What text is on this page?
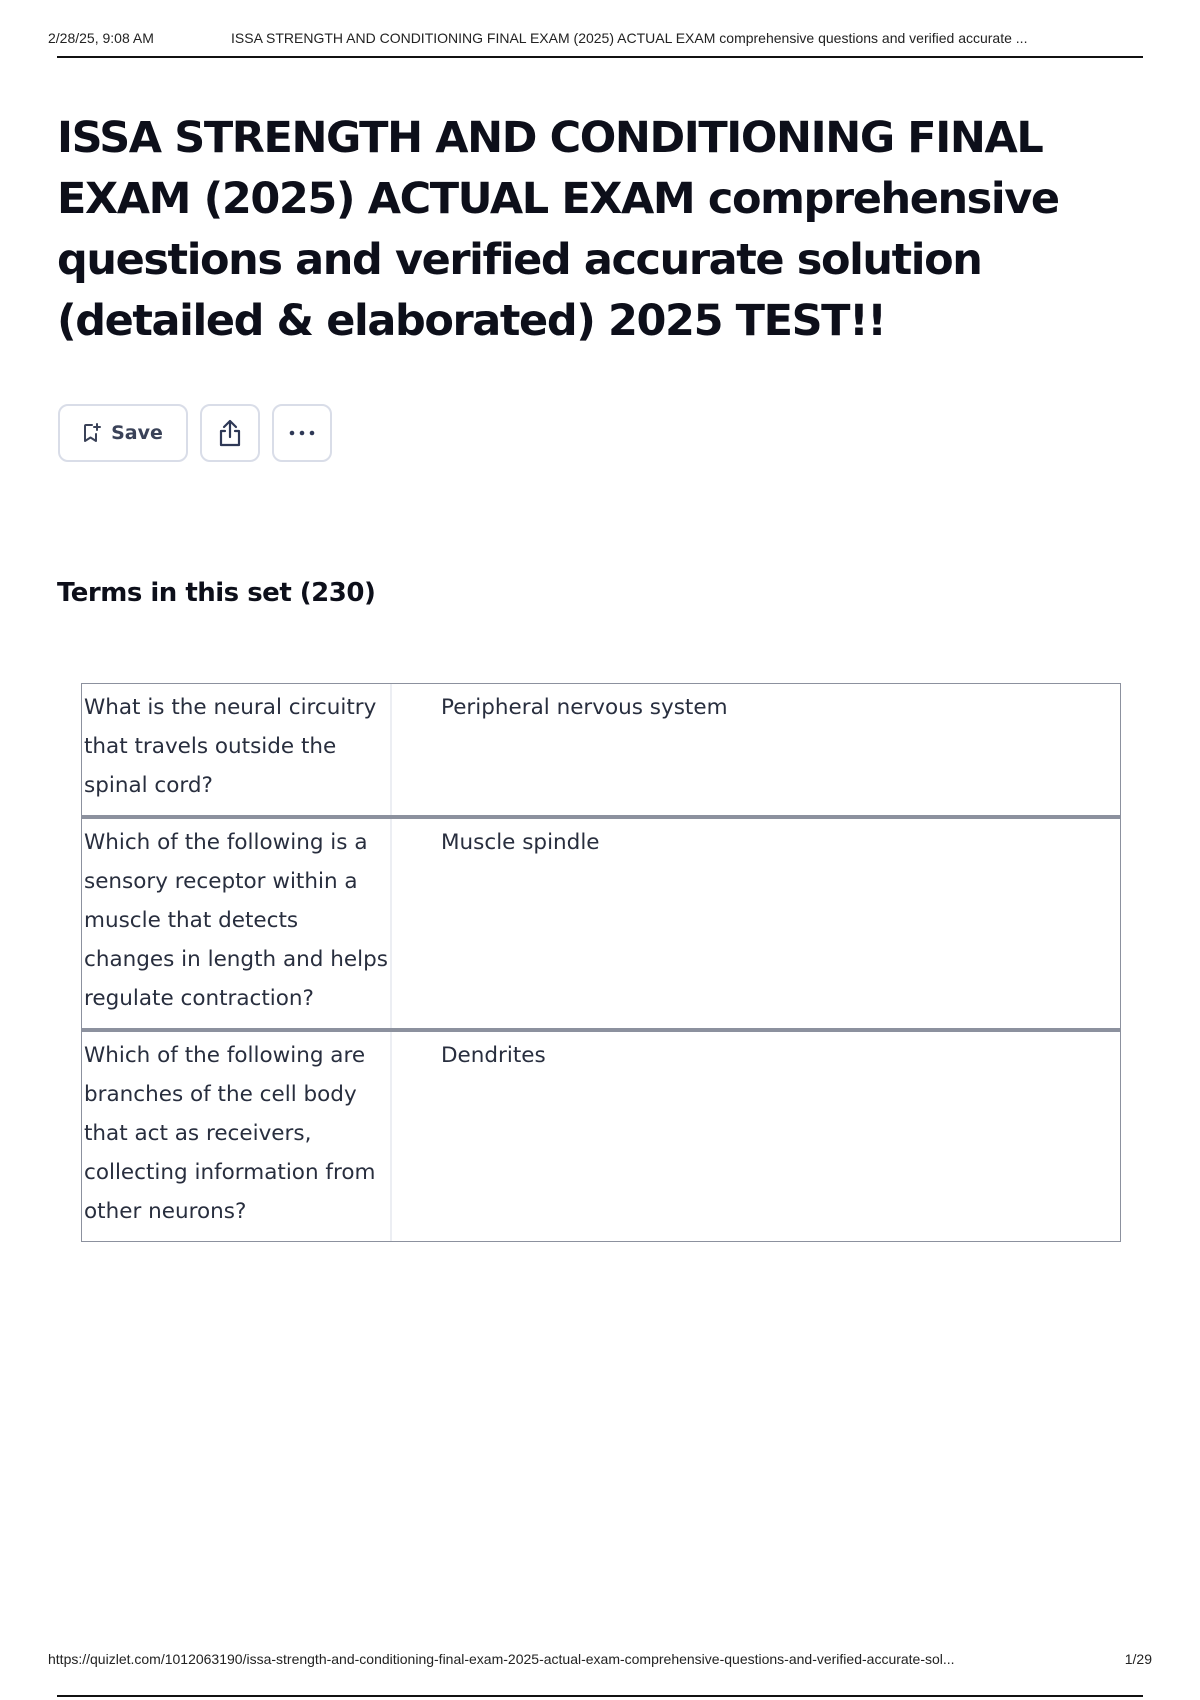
2/28/25, 9:08 AM	ISSA STRENGTH AND CONDITIONING FINAL EXAM (2025) ACTUAL EXAM comprehensive questions and verified accurate ...
ISSA STRENGTH AND CONDITIONING FINAL EXAM (2025) ACTUAL EXAM comprehensive questions and verified accurate solution (detailed & elaborated) 2025 TEST!!
Save
Terms in this set (230)
What is the neural circuitry that travels outside the spinal cord?
Peripheral nervous system
Which of the following is a sensory receptor within a muscle that detects changes in length and helps regulate contraction?
Muscle spindle
Which of the following are branches of the cell body that act as receivers, collecting information from other neurons?
Dendrites
https://quizlet.com/1012063190/issa-strength-and-conditioning-final-exam-2025-actual-exam-comprehensive-questions-and-verified-accurate-sol...	1/29
